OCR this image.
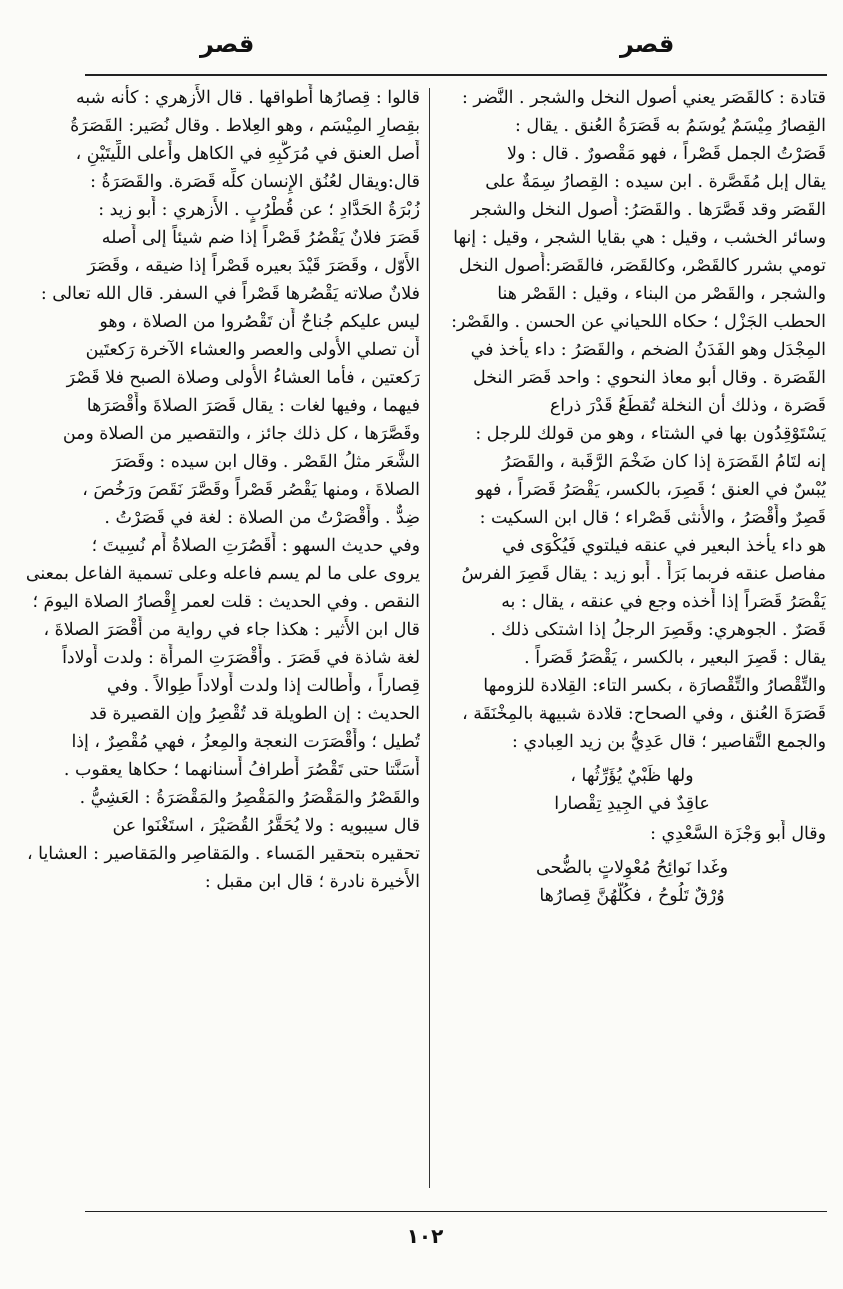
قصر
قصر
قتادة : كالقَصَر يعني أصول النخل والشجر . النَّضر :
القِصارُ مِيْسَمٌ يُوسَمُ به قَصَرَةُ العُنق . يقال :
قَصَرْتُ الجمل قَصْراً ، فهو مَقْصورٌ . قال : ولا
يقال إبل مُقَصَّرة . ابن سيده : القِصارُ سِمَةٌ على
القَصَر وقد قَصَّرَها . والقَصَرُ: أُصول النخل والشجر
وسائر الخشب ، وقيل : هي بقايا الشجر ، وقيل : إنها
تومي بشرر كالقَصْر، وكالقَصَر، فالقَصَر:أُصول النخل
والشجر ، والقَصْر من البناء ، وقيل : القَصْر هنا
الحطب الجَزْل ؛ حكاه اللحياني عن الحسن . والقَصْر:
المِجْدَل وهو الفَدَنُ الضخم ، والقَصَرُ : داء يأْخذ في
القَصَرة . وقال أبو معاذ النحوي : واحد قَصَر النخل
قَصَرة ، وذلك أن النخلة تُقطَعُ قَدْرَ ذراع
يَسْتَوْقِدُون بها في الشتاء ، وهو من قولك للرجل :
إنه لتَامُ القَصَرَة إذا كان ضَخْمَ الرَّقَبة ، والقَصَرُ
يُبْسٌ في العنق ؛ قَصِرَ، بالكسر، يَقْصَرُ قَصَراً ، فهو
قَصِرٌ وأَقْصَرُ ، والأُنثى قَصْراء ؛ قال ابن السكيت :
هو داء يأْخذ البعير في عنقه فيلتوي فَيُكْوَى في
مفاصل عنقه فربما بَرَأَ . أَبو زيد : يقال قَصِرَ الفرسُ
يَقْصَرُ قَصَراً إذا أَخذه وجع في عنقه ، يقال : به
قَصَرٌ . الجوهري: وقَصِرَ الرجلُ إذا اشتكى ذلك .
يقال : قَصِرَ البعير ، بالكسر ، يَقْصَرُ قَصَراً .
والتِّقْصارُ والتِّقْصارَة ، بكسر التاء: القِلادة للزومها
قَصَرَةَ العُنق ، وفي الصحاح: قلادة شبيهة بالمِخْنَقَة ،
والجمع التَّقاصير ؛ قال عَدِيُّ بن زيد العِبادي :
ولها ظَبْيٌ يُؤَرِّثُها ،
عاقِدٌ في الجِيدِ تِقْصارا
وقال أَبو وَجْزَة السَّعْدِي :
وغَدا نَوائِحُ مُعْوِلاتٍ بالضُّحى
وُرْقٌ تَلُوحُ ، فكُلُّهُنَّ قِصارُها
قالوا : قِصارُها أَطواقها . قال الأَزهري : كأَنه شبه
بقِصارِ المِيْسَم ، وهو العِلاط . وقال نُصَير: القَصَرَةُ
أَصل العنق في مُرَكَّبِهِ في الكاهل وأَعلى اللِّيتَيْنِ ،
قال:ويقال لعُنُق الإِنسان كلِّه قَصَرة. والقَصَرَةُ :
زُبْرَةُ الحَدَّادِ ؛ عن قُطْرُبٍ . الأَزهري : أَبو زيد :
قَصَرَ فلانٌ يَقْصُرُ قَصْراً إذا ضم شيئاً إلى أَصله
الأَوّل ، وقَصَرَ قَيْدَ بعيره قَصْراً إذا ضيقه ، وقَصَرَ
فلانٌ صلاته يَقْصُرها قَصْراً في السفر. قال الله تعالى :
ليس عليكم جُناحٌ أَن تَقْصُروا من الصلاة ، وهو
أَن تصلي الأُولى والعصر والعشاء الآخرة رَكعتَين
رَكعتين ، فأَما العشاءُ الأُولى وصلاة الصبح فلا قَصْرَ
فيهما ، وفيها لغات : يقال قَصَرَ الصلاةَ وأَقْصَرَها
وقَصَّرَها ، كل ذلك جائز ، والتقصير من الصلاة ومن
الشَّعَر مثلُ القَصْر . وقال ابن سيده : وقَصَرَ
الصلاةَ ، ومنها يَقْصُر قَصْراً وقَصَّرَ نَقَصَ ورَخُصَ ،
ضِدٌّ . وأَقْصَرْتُ من الصلاة : لغة في قَصَرْتُ .
وفي حديث السهو : أَقَصُرَتِ الصلاةُ أَم نُسِيتَ ؛
يروى على ما لم يسم فاعله وعلى تسمية الفاعل بمعنى
النقص . وفي الحديث : قلت لعمر إِقْصارُ الصلاة اليومَ ؛
قال ابن الأَثير : هكذا جاء في رواية من أَقْصَرَ الصلاةَ ،
لغة شاذة في قَصَرَ . وأَقْصَرَتِ المرأَة : ولدت أَولاداً
قِصاراً ، وأَطالت إذا ولدت أَولاداً طِوالاً . وفي
الحديث : إن الطويلة قد تُقْصِرُ وإن القصيرة قد
تُطيل ؛ وأَقْصَرَت النعجة والمِعزُ ، فهي مُقْصِرٌ ، إذا
أَسَنَّتا حتى تَقْصُرَ أَطرافُ أَسنانهما ؛ حكاها يعقوب .
والقَصْرُ والمَقْصَرُ والمَقْصِرُ والمَقْصَرَةُ : العَشِيُّ .
قال سيبويه : ولا يُحَقَّرُ القُصَيْرَ ، استَغْنَوا عن
تحقيره بتحقير المَساء . والمَقاصِر والمَقاصير : العشايا ،
الأَخيرة نادرة ؛ قال ابن مقبل :
١٠٢
